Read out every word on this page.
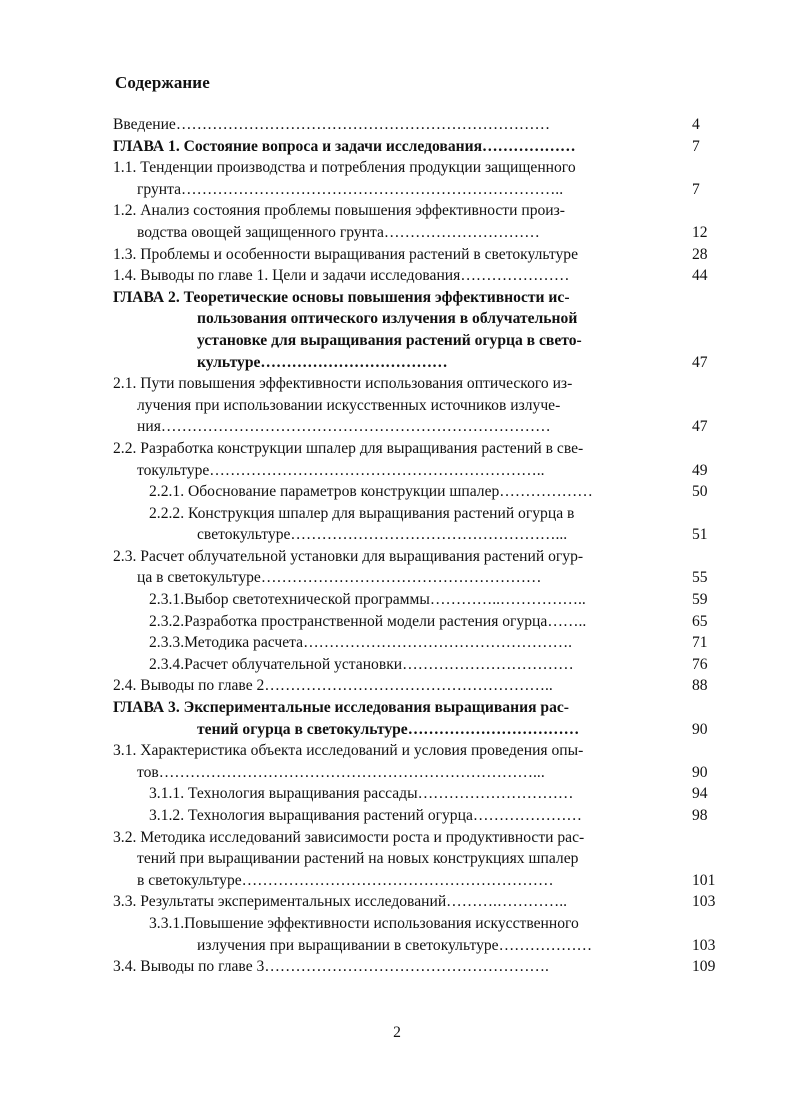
Содержание
Введение………………………………………………………………	4
ГЛАВА 1. Состояние вопроса и задачи исследования………………	7
1.1. Тенденции производства и потребления продукции защищенного
грунта………………………………………………………………..	7
1.2. Анализ состояния проблемы повышения эффективности произ-
водства овощей защищенного грунта…………………………	12
1.3. Проблемы и особенности выращивания растений в светокультуре	28
1.4. Выводы по главе 1. Цели и задачи исследования…………………	44
ГЛАВА 2. Теоретические основы повышения эффективности ис-
пользования оптического излучения в облучательной
установке для выращивания растений огурца в свето-
культуре………………………………	47
2.1. Пути повышения эффективности использования оптического из-
лучения при использовании искусственных источников излуче-
ния…………………………………………………………………	47
2.2. Разработка конструкции шпалер для выращивания растений в све-
токультуре………………………………………………………..	49
2.2.1. Обоснование параметров конструкции шпалер………………	50
2.2.2. Конструкция шпалер для выращивания растений огурца в
светокультуре……………………………………………...	51
2.3. Расчет облучательной установки для выращивания растений огур-
ца в светокультуре………………………………………………	55
2.3.1.Выбор светотехнической программы…………..……………..	59
2.3.2.Разработка пространственной модели растения огурца……..	65
2.3.3.Методика расчета…………………………………………….	71
2.3.4.Расчет облучательной установки……………………………	76
2.4. Выводы по главе 2………………………………………………..	88
ГЛАВА 3. Экспериментальные исследования выращивания рас-
тений огурца в светокультуре……………………………	90
3.1. Характеристика объекта исследований и условия проведения опы-
тов………………………………………………………………...	90
3.1.1. Технология выращивания рассады…………………………	94
3.1.2. Технология выращивания растений огурца…………………	98
3.2. Методика исследований зависимости роста и продуктивности рас-
тений при выращивании растений на новых конструкциях шпалер
в светокультуре……………………………………………………	101
3.3. Результаты экспериментальных исследований……….…………..	103
3.3.1.Повышение эффективности использования искусственного
излучения при выращивании в светокультуре………………	103
3.4. Выводы по главе 3……………………………………………….	109
2
